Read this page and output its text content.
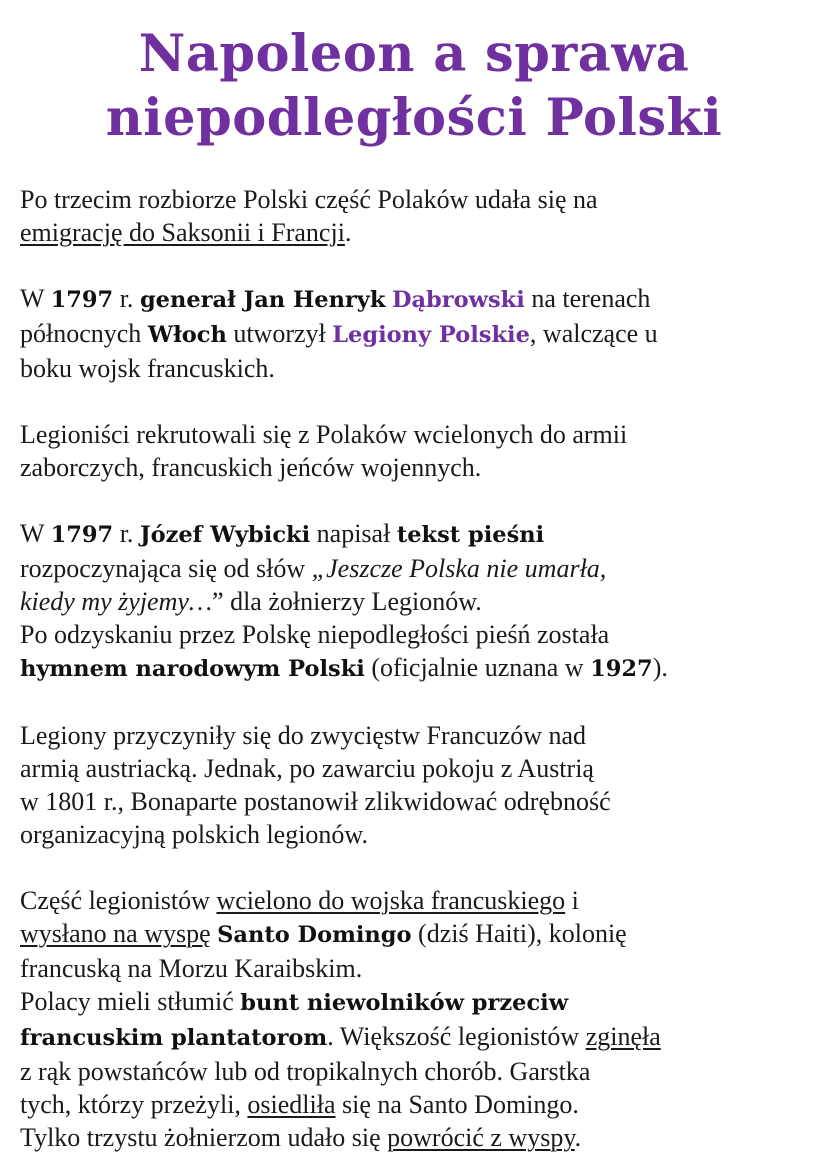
Napoleon a sprawa
niepodległości Polski

Po trzecim rozbiorze Polski część Polaków udała się na

emigrację do Saksonii i Francji.

W 1797 r. generał Jan Henryk Dąbrowski na terenach

północnych Włoch utworzył Legiony Polskie, walczące u

boku wojsk francuskich.

Legioniści rekrutowali się z Polaków wcielonych do armii

zaborczych, francuskich jeńców wojennych.

W 1797 r. Józef Wybicki napisał tekst pieśni

rozpoczynająca się od słów „Jeszcze Polska nie umarła,

kiedy my żyjemy…” dla żołnierzy Legionów.

Po odzyskaniu przez Polskę niepodległości pieśń została

hymnem narodowym Polski (oficjalnie uznana w 1927).

Legiony przyczyniły się do zwycięstw Francuzów nad

armią austriacką. Jednak, po zawarciu pokoju z Austrią

w 1801 r., Bonaparte postanowił zlikwidować odrębność

organizacyjną polskich legionów.

Część legionistów wcielono do wojska francuskiego i

wysłano na wyspę Santo Domingo (dziś Haiti), kolonię

francuską na Morzu Karaibskim.

Polacy mieli stłumić bunt niewolników przeciw

francuskim plantatorom. Większość legionistów zginęła

z rąk powstańców lub od tropikalnych chorób. Garstka

tych, którzy przeżyli, osiedliła się na Santo Domingo.

Tylko trzystu żołnierzom udało się powrócić z wyspy.
